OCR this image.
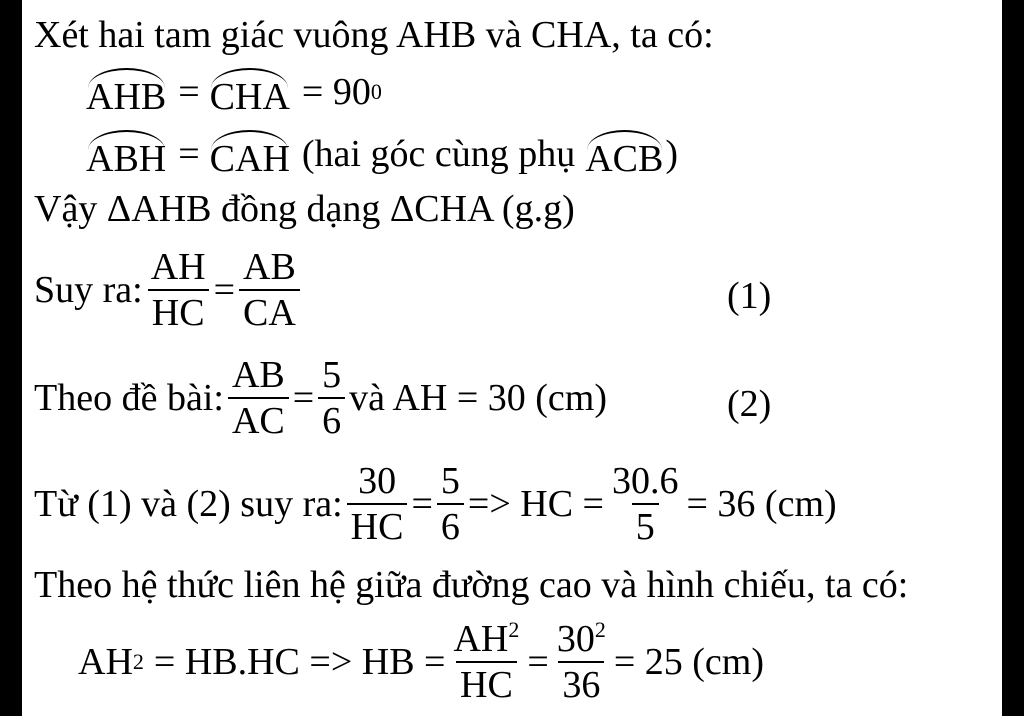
Xét hai tam giác vuông AHB và CHA, ta có:
AHB = CHA = 90 0
ABH = CAH (hai góc cùng phụ ACB )
Vậy ΔAHB đồng dạng ΔCHA (g.g)
Suy ra: $\frac{AH}{HC} = \frac{AB}{CA}$	(1)
Theo đề bài: $\frac{AB}{AC} = \frac{5}{6}$ và AH = 30 (cm)	(2)
Từ (1) và (2) suy ra: $\frac{30}{HC} = \frac{5}{6}$ => HC = $\frac{30.6}{5} = 36$ (cm)
Theo hệ thức liên hệ giữa đường cao và hình chiếu, ta có:
AH 2 = HB.HC => HB = $\frac{AH^2}{HC} = \frac{30^2}{36} = 25$ (cm)
